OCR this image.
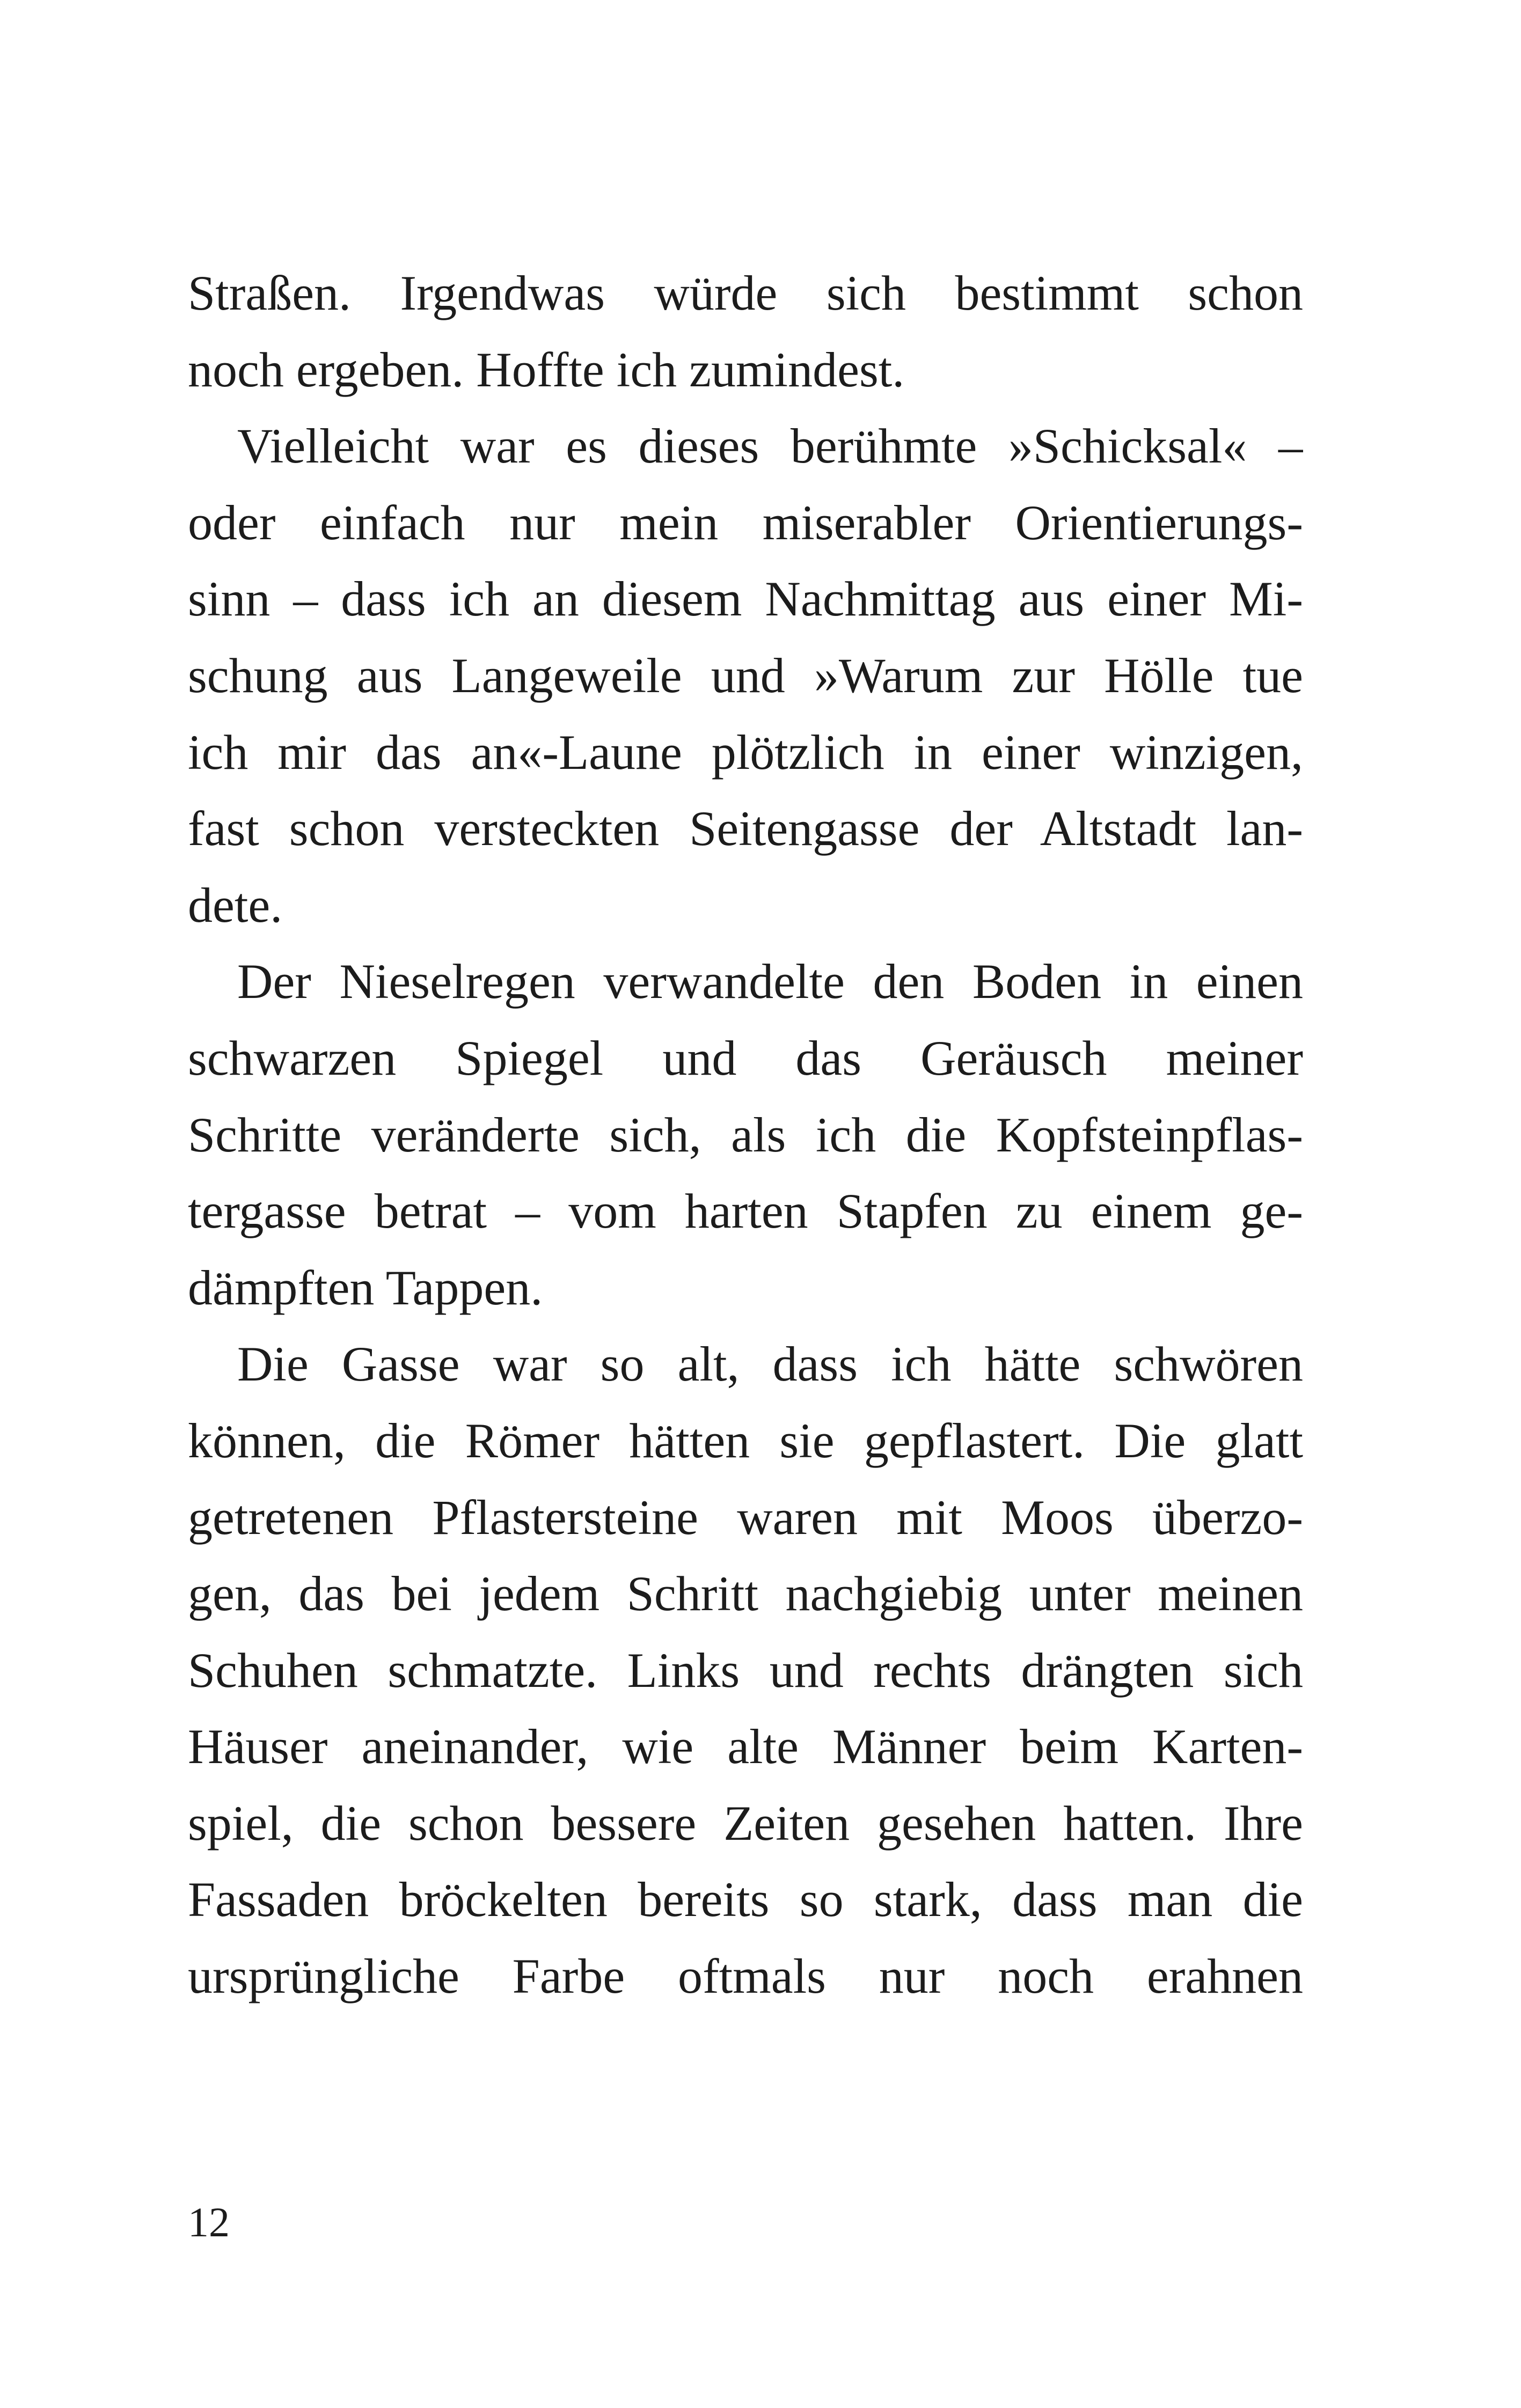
Straßen. Irgendwas würde sich bestimmt schon
noch ergeben. Hoffte ich zumindest.
Vielleicht war es dieses berühmte »Schicksal« –
oder einfach nur mein miserabler Orientierungs-
sinn – dass ich an diesem Nachmittag aus einer Mi-
schung aus Langeweile und »Warum zur Hölle tue
ich mir das an«-Laune plötzlich in einer winzigen,
fast schon versteckten Seitengasse der Altstadt lan-
dete.
Der Nieselregen verwandelte den Boden in einen
schwarzen Spiegel und das Geräusch meiner
Schritte veränderte sich, als ich die Kopfsteinpflas-
tergasse betrat – vom harten Stapfen zu einem ge-
dämpften Tappen.
Die Gasse war so alt, dass ich hätte schwören
können, die Römer hätten sie gepflastert. Die glatt
getretenen Pflastersteine waren mit Moos überzo-
gen, das bei jedem Schritt nachgiebig unter meinen
Schuhen schmatzte. Links und rechts drängten sich
Häuser aneinander, wie alte Männer beim Karten-
spiel, die schon bessere Zeiten gesehen hatten. Ihre
Fassaden bröckelten bereits so stark, dass man die
ursprüngliche Farbe oftmals nur noch erahnen
12
